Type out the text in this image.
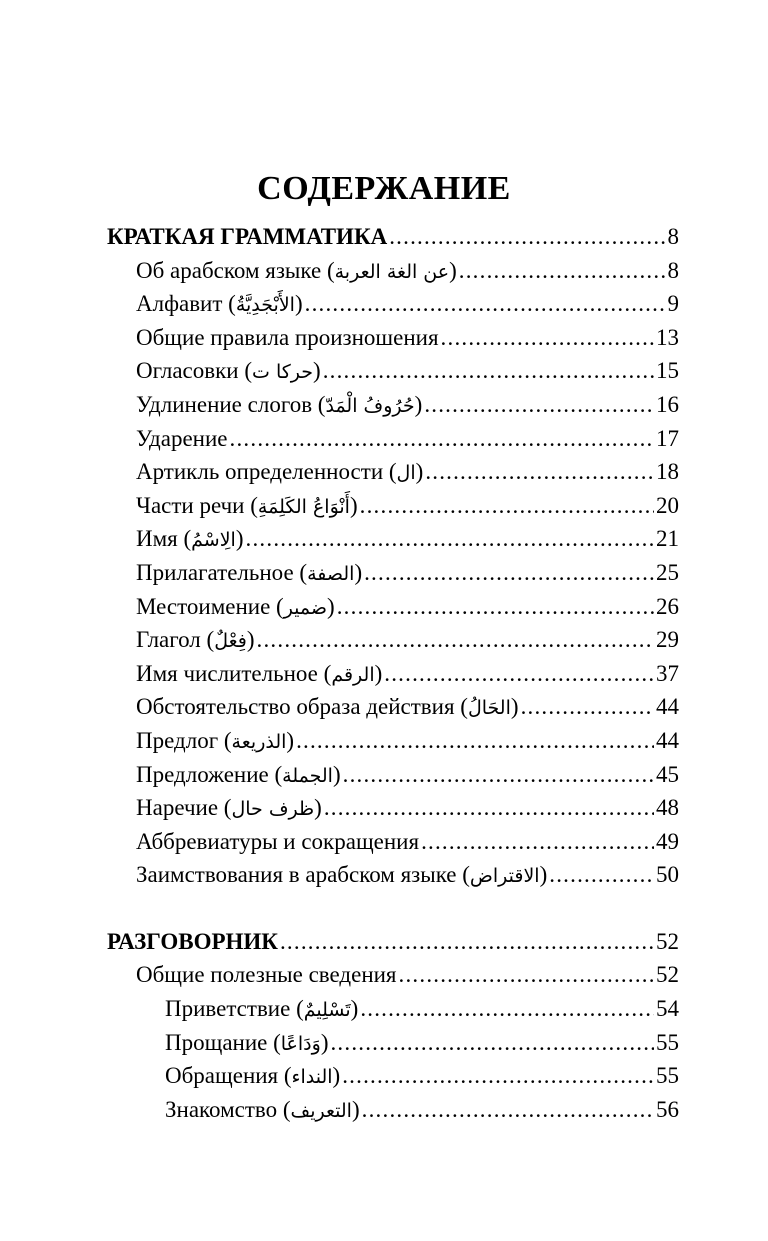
СОДЕРЖАНИЕ
КРАТКАЯ ГРАММАТИКА .....	8
Об арабском языке (عن الغة العربة) .....	8
Алфавит (الأَبْجَدِيَّةُ) .....	9
Общие правила произношения .....	13
Огласовки (حركا ت) .....	15
Удлинение слогов (حُرُوفُ الْمَدّ) .....	16
Ударение .....	17
Артикль определенности (ال) .....	18
Части речи (أَنْوَاعُ الكَلِمَةِ) .....	20
Имя (الِاسْمُ) .....	21
Прилагательное (الصفة) .....	25
Местоимение (ضمير) .....	26
Глагол (فِعْلٌ) .....	29
Имя числительное (الرقم) .....	37
Обстоятельство образа действия (الحَالُ) .....	44
Предлог (الذريعة) .....	44
Предложение (الجملة) .....	45
Наречие (ظرف حال) .....	48
Аббревиатуры и сокращения .....	49
Заимствования в арабском языке (الاقتراض) .....	50
РАЗГОВОРНИК .....	52
Общие полезные сведения .....	52
Приветствие (تَسْلِيمٌ) .....	54
Прощание (وَدَاعًا) .....	55
Обращения (النداء) .....	55
Знакомство (التعريف) .....	56
